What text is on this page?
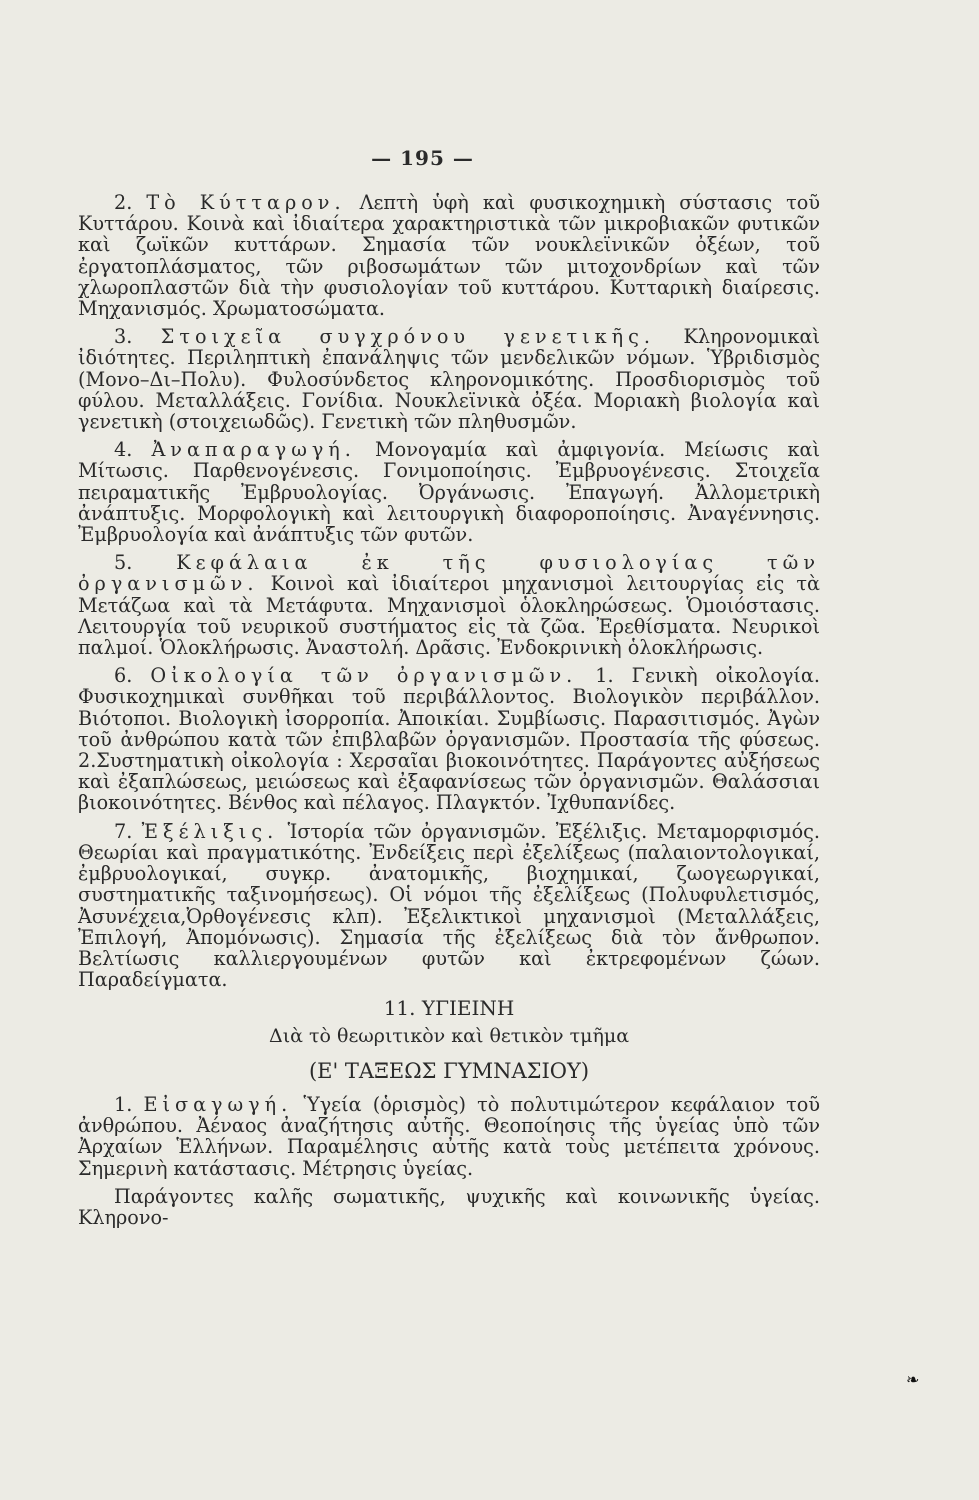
— 195 —

2. Τὸ Κύτταρον. Λεπτὴ ὑφὴ καὶ φυσικοχημικὴ σύστασις τοῦ Κυττάρου. Κοινὰ καὶ ἰδιαίτερα χαρακτηριστικὰ τῶν μικροβιακῶν φυτικῶν καὶ ζωϊκῶν κυττάρων. Σημασία τῶν νουκλεϊνικῶν ὀξέων, τοῦ ἐργατοπλάσματος, τῶν ριβοσωμάτων τῶν μιτοχονδρίων καὶ τῶν χλωροπλαστῶν διὰ τὴν φυσιολογίαν τοῦ κυττάρου. Κυτταρικὴ διαίρεσις. Μηχανισμός. Χρωματοσώματα.

3. Στοιχεῖα συγχρόνου γενετικῆς. Κληρονομικαὶ ἰδιότητες. Περιληπτικὴ ἐπανάληψις τῶν μενδελικῶν νόμων. Ὑβριδισμὸς (Μονο–Δι–Πολυ). Φυλοσύνδετος κληρονομικότης. Προσδιορισμὸς τοῦ φύλου. Μεταλλάξεις. Γονίδια. Νουκλεϊνικὰ ὀξέα. Μοριακὴ βιολογία καὶ γενετικὴ (στοιχειωδῶς). Γενετικὴ τῶν πληθυσμῶν.

4. Ἀναπαραγωγή. Μονογαμία καὶ ἀμφιγονία. Μείωσις καὶ Μίτωσις. Παρθενογένεσις. Γονιμοποίησις. Ἐμβρυογένεσις. Στοιχεῖα πειραματικῆς Ἐμβρυολογίας. Ὀργάνωσις. Ἐπαγωγή. Ἀλλομετρικὴ ἀνάπτυξις. Μορφολογικὴ καὶ λειτουργικὴ διαφοροποίησις. Ἀναγέννησις. Ἐμβρυολογία καὶ ἀνάπτυξις τῶν φυτῶν.

5. Κεφάλαια ἐκ τῆς φυσιολογίας τῶν ὀργανισμῶν. Κοινοὶ καὶ ἰδιαίτεροι μηχανισμοὶ λειτουργίας εἰς τὰ Μετάζωα καὶ τὰ Μετάφυτα. Μηχανισμοὶ ὁλοκληρώσεως. Ὁμοιόστασις. Λειτουργία τοῦ νευρικοῦ συστήματος εἰς τὰ ζῶα. Ἐρεθίσματα. Νευρικοὶ παλμοί. Ὁλοκλήρωσις. Ἀναστολή. Δρᾶσις. Ἐνδοκρινικὴ ὁλοκλήρωσις.

6. Οἰκολογία τῶν ὀργανισμῶν. 1. Γενικὴ οἰκολογία. Φυσικοχημικαὶ συνθῆκαι τοῦ περιβάλλοντος. Βιολογικὸν περιβάλλον. Βιότοποι. Βιολογικὴ ἰσορροπία. Ἀποικίαι. Συμβίωσις. Παρασιτισμός. Ἀγὼν τοῦ ἀνθρώπου κατὰ τῶν ἐπιβλαβῶν ὀργανισμῶν. Προστασία τῆς φύσεως. 2.Συστηματικὴ οἰκολογία : Χερσαῖαι βιοκοινότητες. Παράγοντες αὐξήσεως καὶ ἐξαπλώσεως, μειώσεως καὶ ἐξαφανίσεως τῶν ὀργανισμῶν. Θαλάσσιαι βιοκοινότητες. Βένθος καὶ πέλαγος. Πλαγκτόν. Ἰχθυπανίδες.

7. Ἐξέλιξις. Ἱστορία τῶν ὀργανισμῶν. Ἐξέλιξις. Μεταμορφισμός. Θεωρίαι καὶ πραγματικότης. Ἐνδείξεις περὶ ἐξελίξεως (παλαιοντολογικαί, ἐμβρυολογικαί, συγκρ. ἀνατομικῆς, βιοχημικαί, ζωογεωργικαί, συστηματικῆς ταξινομήσεως). Οἱ νόμοι τῆς ἐξελίξεως (Πολυφυλετισμός, Ἀσυνέχεια,Ὀρθογένεσις κλπ). Ἐξελικτικοὶ μηχανισμοὶ (Μεταλλάξεις, Ἐπιλογή, Ἀπομόνωσις). Σημασία τῆς ἐξελίξεως διὰ τὸν ἄνθρωπον. Βελτίωσις καλλιεργουμένων φυτῶν καὶ ἐκτρεφομένων ζώων. Παραδείγματα.

11. ΥΓΙΕΙΝΗ
Διὰ τὸ θεωριτικὸν καὶ θετικὸν τμῆμα
(Ε' ΤΑΞΕΩΣ ΓΥΜΝΑΣΙΟΥ)

1. Εἰσαγωγή. Ὑγεία (ὁρισμὸς) τὸ πολυτιμώτερον κεφάλαιον τοῦ ἀνθρώπου. Ἀέναος ἀναζήτησις αὐτῆς. Θεοποίησις τῆς ὑγείας ὑπὸ τῶν Ἀρχαίων Ἑλλήνων. Παραμέλησις αὐτῆς κατὰ τοὺς μετέπειτα χρόνους. Σημερινὴ κατάστασις. Μέτρησις ὑγείας.

Παράγοντες καλῆς σωματικῆς, ψυχικῆς καὶ κοινωνικῆς ὑγείας. Κληρονο-

❧
